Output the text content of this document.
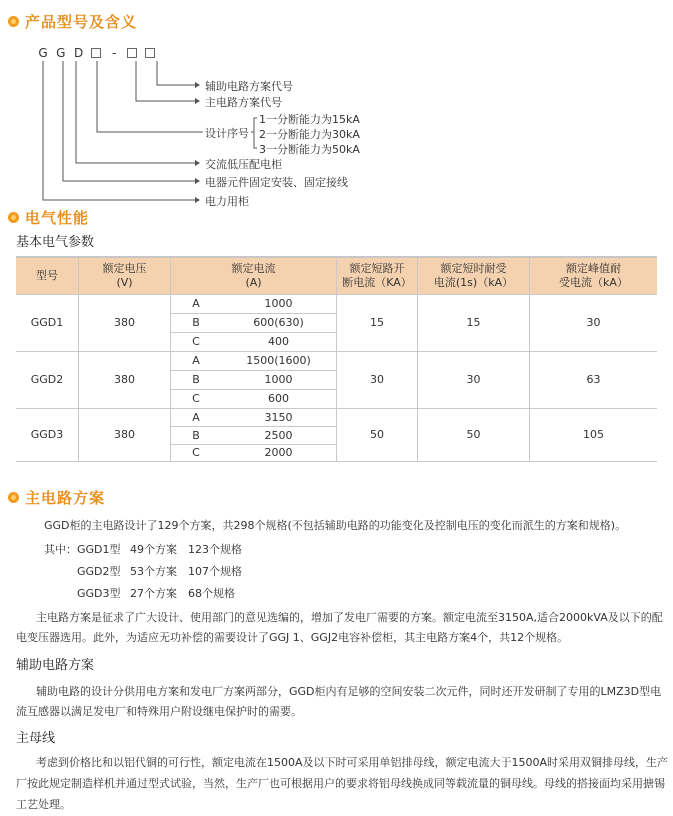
产品型号及含义
G G D -
辅助电路方案代号
主电路方案代号
设计序号
1一分断能力为15kA
2一分断能力为30kA
3一分断能力为50kA
交流低压配电柜
电器元件固定安装、固定接线
电力用柜
电气性能
基本电气参数
型号
额定电压
(V)
额定电流
(A)
额定短路开
断电流（KA）
额定短时耐受
电流(1s)（kA）
额定峰值耐
受电流（kA）
GGD1	380
A	1000
B	600(630)
C	400
15	15	30
GGD2	380
A	1500(1600)
B	1000
C	600
30	30	63
GGD3	380
A	3150
B	2500
C	2000
50	50	105
主电路方案
GGD柜的主电路设计了129个方案，共298个规格(不包括辅助电路的功能变化及控制电压的变化而派生的方案和规格)。
其中： GGD1型 49个方案 123个规格
GGD2型 53个方案 107个规格
GGD3型 27个方案 68个规格
主电路方案是征求了广大设计、使用部门的意见选编的，增加了发电厂需要的方案。额定电流至3150A,适合2000kVA及以下的配
电变压器选用。此外，为适应无功补偿的需要设计了GGJ 1、GGJ2电容补偿柜，其主电路方案4个，共12个规格。
辅助电路方案
辅助电路的设计分供用电方案和发电厂方案两部分，GGD柜内有足够的空间安装二次元件，同时还开发研制了专用的LMZ3D型电
流互感器以满足发电厂和特殊用户附设继电保护时的需要。
主母线
考虑到价格比和以铝代铜的可行性，额定电流在1500A及以下时可采用单铝排母线，额定电流大于1500A时采用双铜排母线，生产
厂按此规定制造样机并通过型式试验，当然，生产厂也可根据用户的要求将铝母线换成同等载流量的铜母线。母线的搭接面均采用搪锡
工艺处理。
